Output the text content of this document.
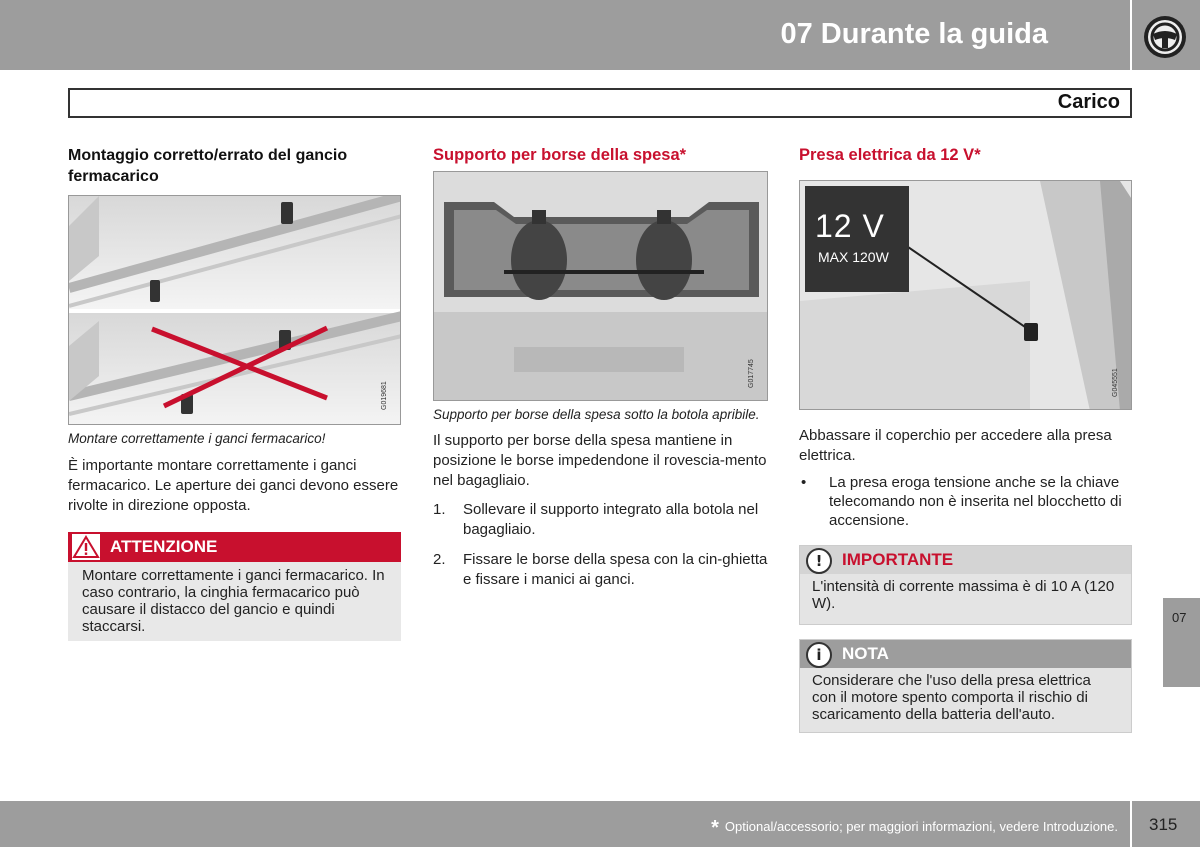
07 Durante la guida
Carico
Montaggio corretto/errato del gancio fermacarico
G019681
Montare correttamente i ganci fermacarico!
È importante montare correttamente i ganci fermacarico. Le aperture dei ganci devono essere rivolte in direzione opposta.
ATTENZIONE
Montare correttamente i ganci fermacarico. In caso contrario, la cinghia fermacarico può causare il distacco del gancio e quindi staccarsi.
Supporto per borse della spesa*
G017745
Supporto per borse della spesa sotto la botola apribile.
Il supporto per borse della spesa mantiene in posizione le borse impedendone il rovescia-mento nel bagagliaio.
1. Sollevare il supporto integrato alla botola nel bagagliaio.
2. Fissare le borse della spesa con la cin-ghietta e fissare i manici ai ganci.
Presa elettrica da 12 V*
12 V
MAX 120W
G045551
Abbassare il coperchio per accedere alla presa elettrica.
• La presa eroga tensione anche se la chiave telecomando non è inserita nel blocchetto di accensione.
!	IMPORTANTE
L'intensità di corrente massima è di 10 A (120 W).
i	NOTA
Considerare che l'uso della presa elettrica con il motore spento comporta il rischio di scaricamento della batteria dell'auto.
07
* Optional/accessorio; per maggiori informazioni, vedere Introduzione. 315
